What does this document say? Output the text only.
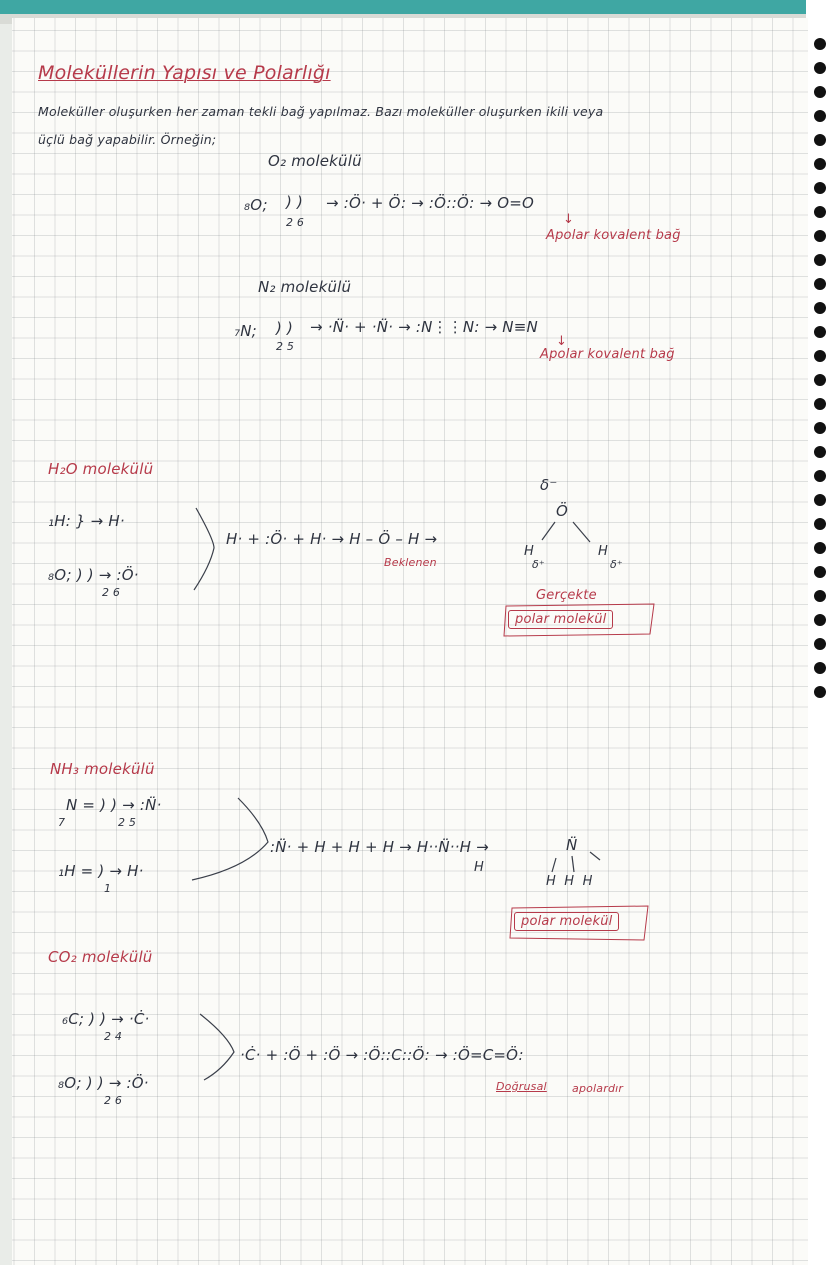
Moleküllerin Yapısı ve Polarlığı
Moleküller oluşurken her zaman tekli bağ yapılmaz. Bazı moleküller oluşurken ikili veya
üçlü bağ yapabilir. Örneğin;
O₂ molekülü
₈O; ) )
2 6
→ :Ö· + Ö: → :Ö::Ö: → O=O
↓
Apolar kovalent bağ
N₂ molekülü
₇N; ) )
2 5
→ ·N̈· + ·N̈· → :N⋮⋮N: → N≡N
↓
Apolar kovalent bağ
H₂O molekülü
₁H: } → H·
₈O; ) ) → :Ö·
2 6
H· + :Ö· + H· → H – Ö – H →
Beklenen
δ⁻
Ö
H
δ⁺
H
δ⁺
Gerçekte
polar molekül
NH₃ molekülü
N = ) ) → :N̈·
7	2 5
₁H = ) → H·
1
:N̈· + H + H + H → H··N̈··H →
H
N̈
H H H
polar molekül
CO₂ molekülü
₆C; ) ) → ·Ċ·
2 4
₈O; ) ) → :Ö·
2 6
·Ċ· + :Ö + :Ö → :Ö::C::Ö: → :Ö=C=Ö:
Doğrusal apolardır
